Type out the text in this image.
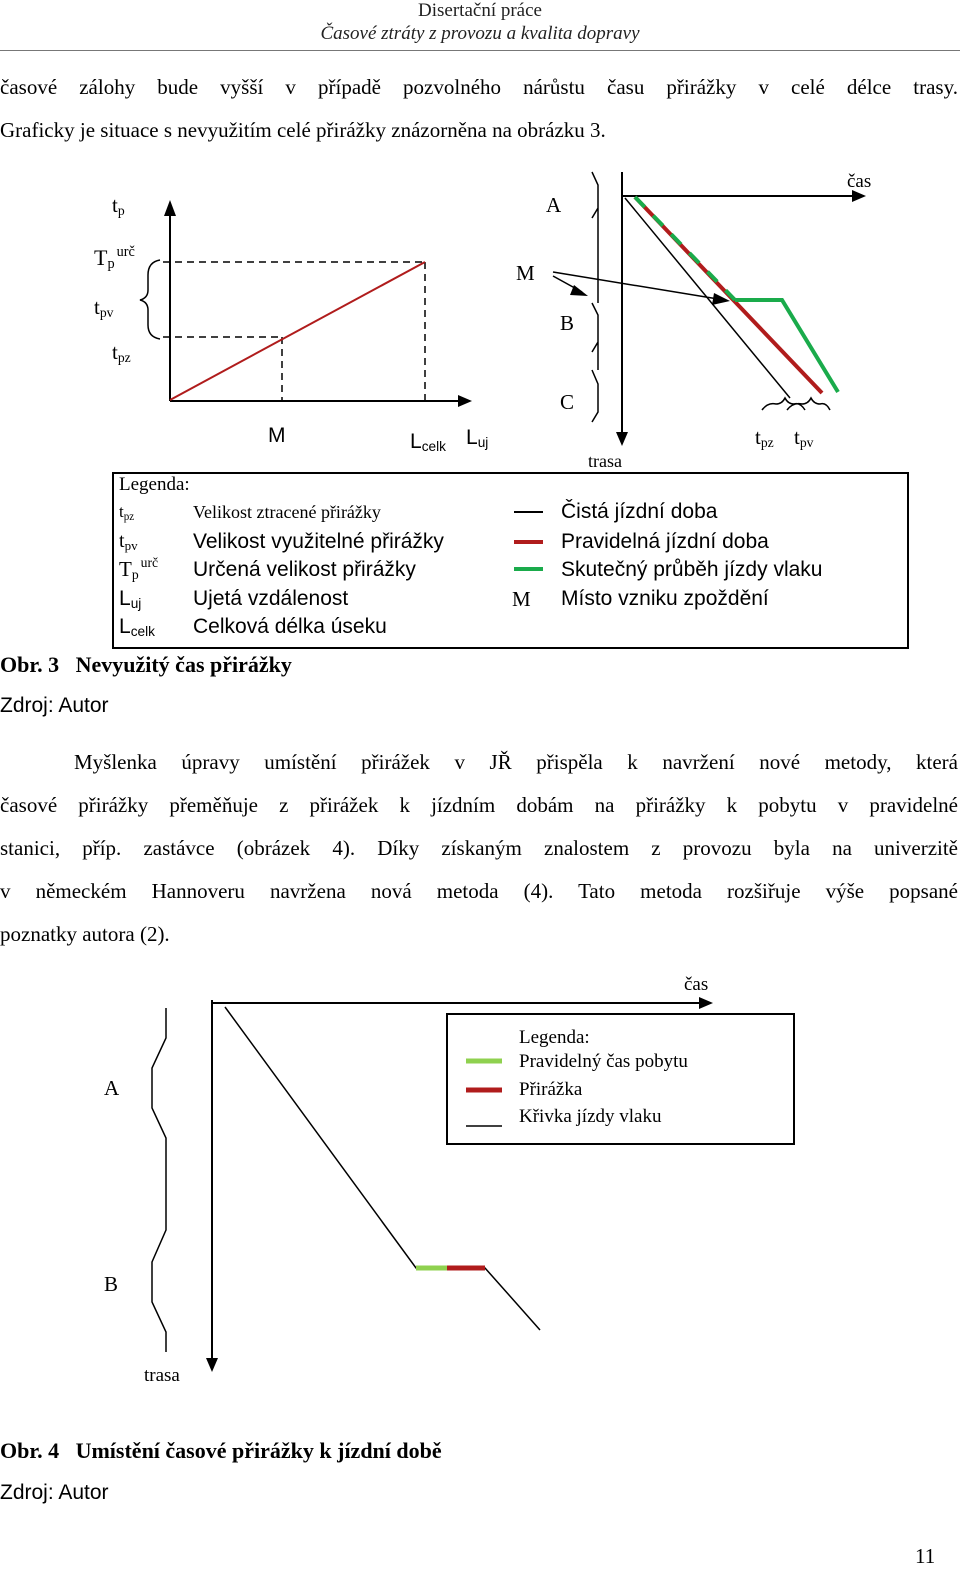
Disertační práce
Časové ztráty z provozu a kvalita dopravy
časové zálohy bude vyšší v případě pozvolného nárůstu času přirážky v celé délce trasy.
Graficky je situace s nevyužitím celé přirážky znázorněna na obrázku 3.
$t_p$
$T_p^{urč}$
$t_{pv}$
$t_{pz}$
M	$L_{celk}$ $L_{uj}$
A
M
B
C
čas
trasa
$t_{pz}$ $t_{pv}$
Legenda:
$t_{pz}$	Velikost ztracené přirážky
$t_{pv}$	Velikost využitelné přirážky
$T_p^{urč}$ Určená velikost přirážky
$L_{uj}$ Ujetá vzdálenost
$L_{celk}$ Celková délka úseku
Čistá jízdní doba
Pravidelná jízdní doba
Skutečný průběh jízdy vlaku
M Místo vzniku zpoždění
Obr. 3 Nevyužitý čas přirážky
Zdroj: Autor
Myšlenka úpravy umístění přirážek v JŘ přispěla k navržení nové metody, která
časové přirážky přeměňuje z přirážek k jízdním dobám na přirážky k pobytu v pravidelné
stanici, příp. zastávce (obrázek 4). Díky získaným znalostem z provozu byla na univerzitě
v německém Hannoveru navržena nová metoda (4). Tato metoda rozšiřuje výše popsané
poznatky autora (2).
čas
A
B
trasa
Legenda:
Pravidelný čas pobytu
Přirážka
Křivka jízdy vlaku
Obr. 4 Umístění časové přirážky k jízdní době
Zdroj: Autor
11
